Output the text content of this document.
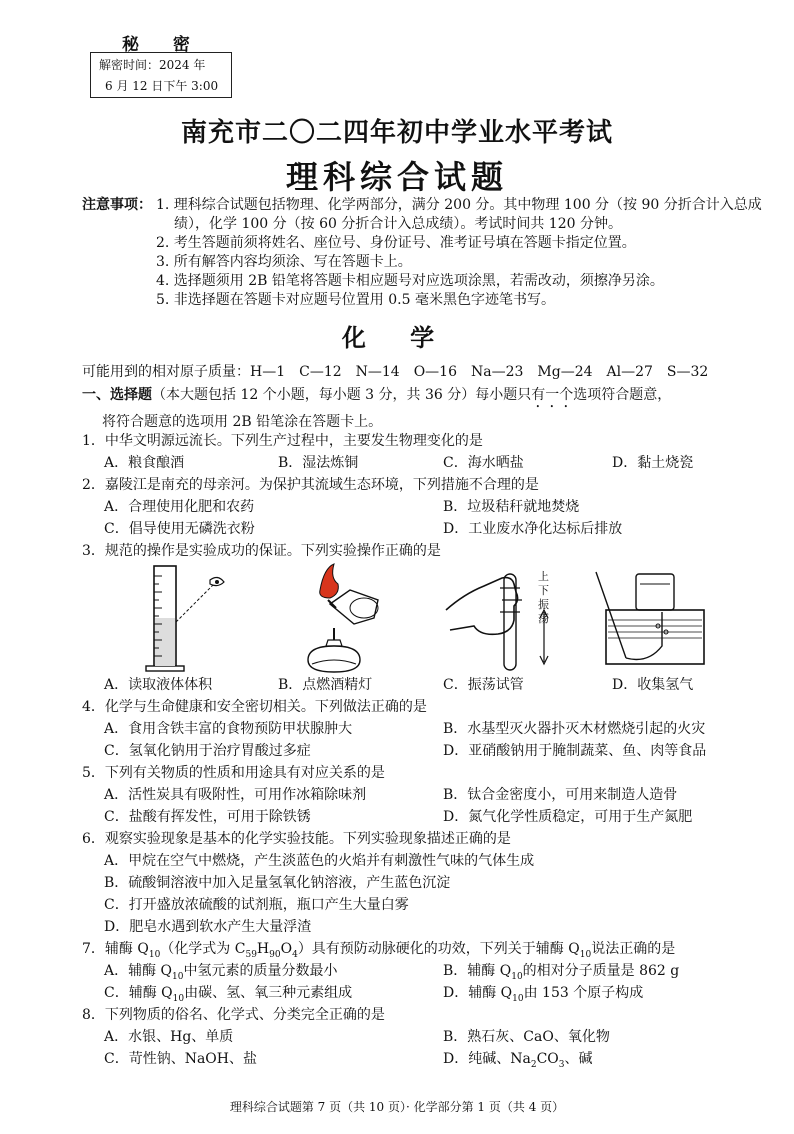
秘 密
解密时间：2024 年
6 月 12 日下午 3:00
南充市二〇二四年初中学业水平考试
理科综合试题
注意事项： 1. 理科综合试题包括物理、化学两部分，满分 200 分。其中物理 100 分（按 90 分折合计入总成绩），化学 100 分（按 60 分折合计入总成绩）。考试时间共 120 分钟。
2. 考生答题前须将姓名、座位号、身份证号、准考证号填在答题卡指定位置。
3. 所有解答内容均须涂、写在答题卡上。
4. 选择题须用 2B 铅笔将答题卡相应题号对应选项涂黑，若需改动，须擦净另涂。
5. 非选择题在答题卡对应题号位置用 0.5 毫米黑色字迹笔书写。
化 学
可能用到的相对原子质量：H—1　C—12　N—14　O—16　Na—23　Mg—24　Al—27　S—32
一、选择题（本大题包括 12 个小题，每小题 3 分，共 36 分）每小题只有一个选项符合题意，
将符合题意的选项用 2B 铅笔涂在答题卡上。
1．中华文明源远流长。下列生产过程中，主要发生物理变化的是
A．粮食酿酒	B．湿法炼铜	C．海水晒盐	D．黏土烧瓷
2．嘉陵江是南充的母亲河。为保护其流域生态环境，下列措施不合理的是
A．合理使用化肥和农药	B．垃圾秸秆就地焚烧
C．倡导使用无磷洗衣粉	D．工业废水净化达标后排放
3．规范的操作是实验成功的保证。下列实验操作正确的是
上下振荡
A．读取液体体积	B．点燃酒精灯	C．振荡试管	D．收集氢气
4．化学与生命健康和安全密切相关。下列做法正确的是
A．食用含铁丰富的食物预防甲状腺肿大	B．水基型灭火器扑灭木材燃烧引起的火灾
C．氢氧化钠用于治疗胃酸过多症	D．亚硝酸钠用于腌制蔬菜、鱼、肉等食品
5．下列有关物质的性质和用途具有对应关系的是
A．活性炭具有吸附性，可用作冰箱除味剂	B．钛合金密度小，可用来制造人造骨
C．盐酸有挥发性，可用于除铁锈	D．氮气化学性质稳定，可用于生产氮肥
6．观察实验现象是基本的化学实验技能。下列实验现象描述正确的是
A．甲烷在空气中燃烧，产生淡蓝色的火焰并有刺激性气味的气体生成
B．硫酸铜溶液中加入足量氢氧化钠溶液，产生蓝色沉淀
C．打开盛放浓硫酸的试剂瓶，瓶口产生大量白雾
D．肥皂水遇到软水产生大量浮渣
7．辅酶 $Q_{10}$（化学式为 $C_{59}H_{90}O_4$）具有预防动脉硬化的功效，下列关于辅酶 $Q_{10}$说法正确的是
A．辅酶 $Q_{10}$中氢元素的质量分数最小	B．辅酶 $Q_{10}$的相对分子质量是 862 g
C．辅酶 $Q_{10}$由碳、氢、氧三种元素组成	D．辅酶 $Q_{10}$由 153 个原子构成
8．下列物质的俗名、化学式、分类完全正确的是
A．水银、Hg、单质	B．熟石灰、CaO、氧化物
C．苛性钠、NaOH、盐	D．纯碱、$Na_2CO_3$、碱
理科综合试题第 7 页（共 10 页）· 化学部分第 1 页（共 4 页）
